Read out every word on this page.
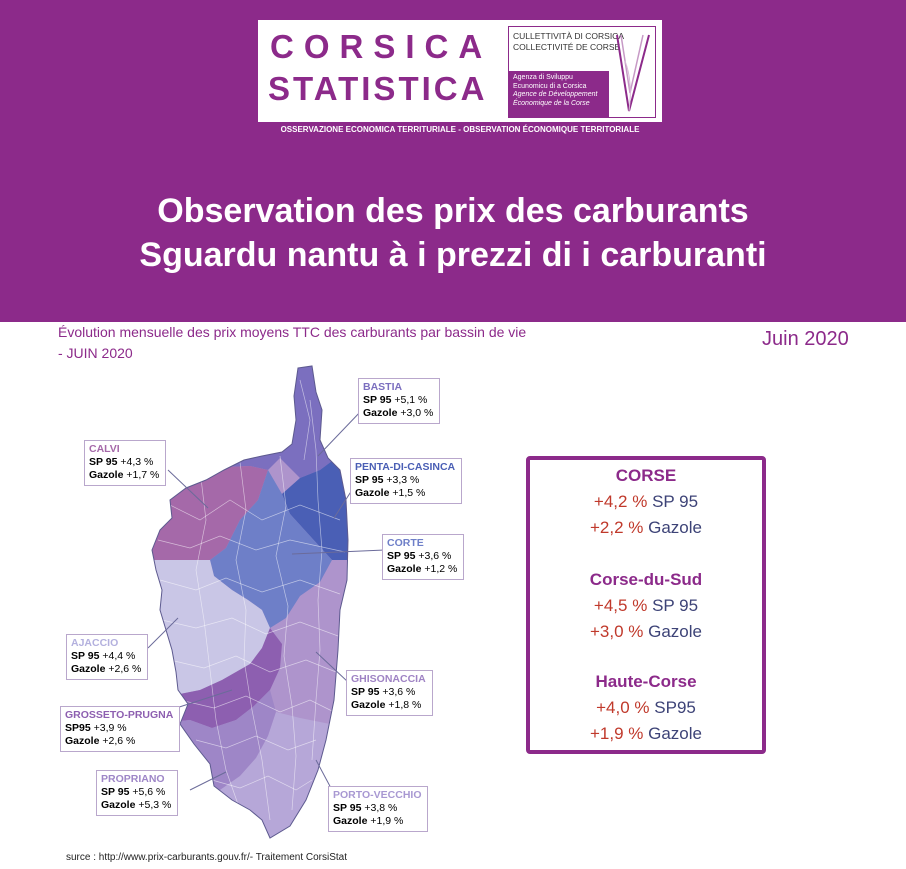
CORSICA
STATISTICA
CULLETTIVITÀ DI CORSICA
COLLECTIVITÉ DE CORSE
Agenza di Sviluppu
Ecunomicu di a Corsica
Agence de Développement
Économique de la Corse
OSSERVAZIONE ECONOMICA TERRITURIALE - OBSERVATION ÉCONOMIQUE TERRITORIALE
Observation des prix des carburants
Sguardu nantu à i prezzi di i carburanti
Évolution mensuelle des prix moyens TTC des carburants par bassin de vie
- JUIN 2020
Juin 2020
BASTIA
SP 95 +5,1 %
Gazole +3,0 %
PENTA-DI-CASINCA
SP 95 +3,3 %
Gazole +1,5 %
CORTE
SP 95 +3,6 %
Gazole +1,2 %
CALVI
SP 95 +4,3 %
Gazole +1,7 %
AJACCIO
SP 95 +4,4 %
Gazole +2,6 %
GHISONACCIA
SP 95 +3,6 %
Gazole +1,8 %
GROSSETO-PRUGNA
SP95 +3,9 %
Gazole +2,6 %
PROPRIANO
SP 95 +5,6 %
Gazole +5,3 %
PORTO-VECCHIO
SP 95 +3,8 %
Gazole +1,9 %
CORSE
+4,2 % SP 95
+2,2 % Gazole
Corse-du-Sud
+4,5 % SP 95
+3,0 % Gazole
Haute-Corse
+4,0 % SP95
+1,9 % Gazole
surce : http://www.prix-carburants.gouv.fr/- Traitement CorsiStat
